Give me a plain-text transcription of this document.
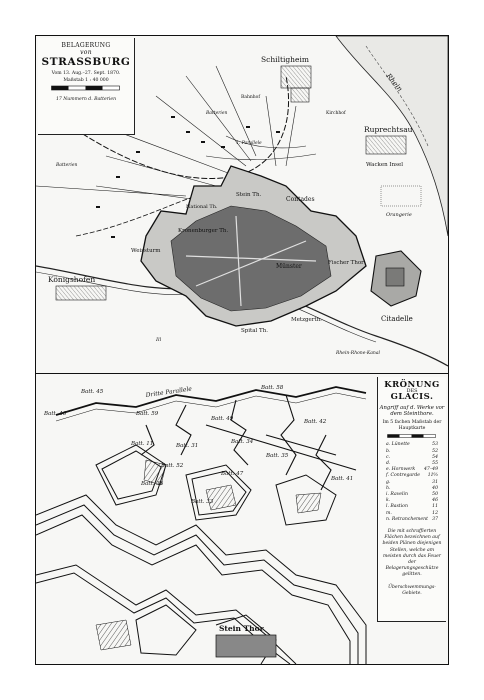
Schiltigheim
Ruprechtsau
Königshofen
Citadelle
Contades
Weissturm
Kronenburger Th.
Fischer Thor
Münster
Metzgerth.
Spital Th.
Stein Th.
National Th.
Wacken Insel
Orangerie
Rhein
Kirchhof
Bahnhof
Batterien
Batterien
1. Parallele
Ill
Rhein-Rhone-Kanal
BELAGERUNG
von
STRASSBURG
Vom 13. Aug.–27. Sept. 1870.
Maßstab 1 : 40 000
17 Nummern d. Batterien
Batt. 45
Batt. 58
Batt. 46
Batt. 49
Batt. 11	Batt. 31
Batt. 34
Batt. 35
Batt. 52
Batt. 42
Batt. 36
Batt. 33
Batt. 59
Batt. 47
Batt. 41
Dritte Parallele
Stein Thor
KRÖNUNG
DES
GLACIS.
Angriff auf d. Werke vor dem Steinthore.
Im 5 fachen Maßstab der Hauptkarte
a. Lünette	53
b.	52
c.	54
d.	55
e. Hornwerk 47–49
f. Contregarde 11⁰⁄₂
g.	31
h.	40
i. Ravelin	50
k.	46
l. Bastion	11
m.	12
n. Retranchement 37
Die mit schraffierten Flächen bezeichnen auf beiden Plänen diejenigen Stellen, welche am meisten durch das Feuer der Belagerungsgeschütze gelitten.
Überschwemmungs-Gebiete.
